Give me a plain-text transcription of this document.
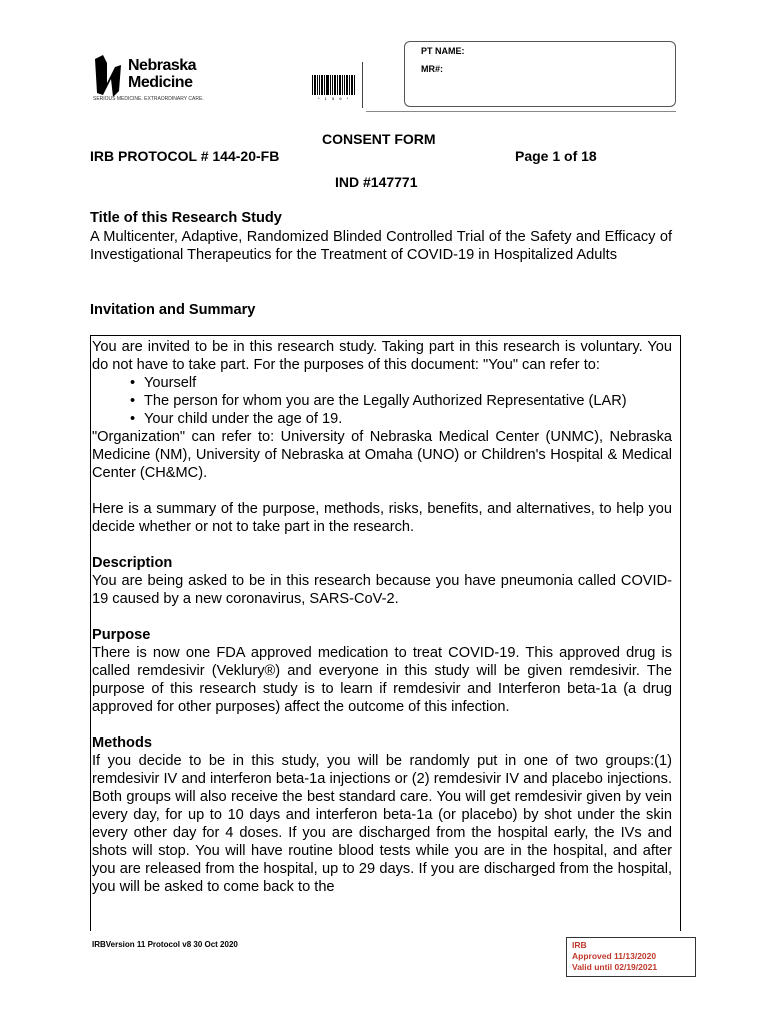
Nebraska
Medicine
SERIOUS MEDICINE. EXTRAORDINARY CARE.	* 1 5 6 *
PT NAME:
MR#:
CONSENT FORM
IRB PROTOCOL # 144-20-FB	Page 1 of 18
IND #147771
Title of this Research Study
A Multicenter, Adaptive, Randomized Blinded Controlled Trial of the Safety and Efficacy of Investigational Therapeutics for the Treatment of COVID-19 in Hospitalized Adults
Invitation and Summary

You are invited to be in this research study. Taking part in this research is voluntary. You do not have to take part. For the purposes of this document: "You" can refer to:

• Yourself
• The person for whom you are the Legally Authorized Representative (LAR)
• Your child under the age of 19.

"Organization" can refer to: University of Nebraska Medical Center (UNMC), Nebraska Medicine (NM), University of Nebraska at Omaha (UNO) or Children's Hospital & Medical Center (CH&MC).

Here is a summary of the purpose, methods, risks, benefits, and alternatives, to help you decide whether or not to take part in the research.

Description

You are being asked to be in this research because you have pneumonia called COVID-19 caused by a new coronavirus, SARS-CoV-2.

Purpose

There is now one FDA approved medication to treat COVID-19. This approved drug is called remdesivir (Veklury®) and everyone in this study will be given remdesivir. The purpose of this research study is to learn if remdesivir and Interferon beta-1a (a drug approved for other purposes) affect the outcome of this infection.

Methods

If you decide to be in this study, you will be randomly put in one of two groups:(1) remdesivir IV and interferon beta-1a injections or (2) remdesivir IV and placebo injections. Both groups will also receive the best standard care. You will get remdesivir given by vein every day, for up to 10 days and interferon beta-1a (or placebo) by shot under the skin every other day for 4 doses. If you are discharged from the hospital early, the IVs and shots will stop. You will have routine blood tests while you are in the hospital, and after you are released from the hospital, up to 29 days. If you are discharged from the hospital, you will be asked to come back to the

IRBVersion 11 Protocol v8 30 Oct 2020	IRB
Approved 11/13/2020
Valid until 02/19/2021
